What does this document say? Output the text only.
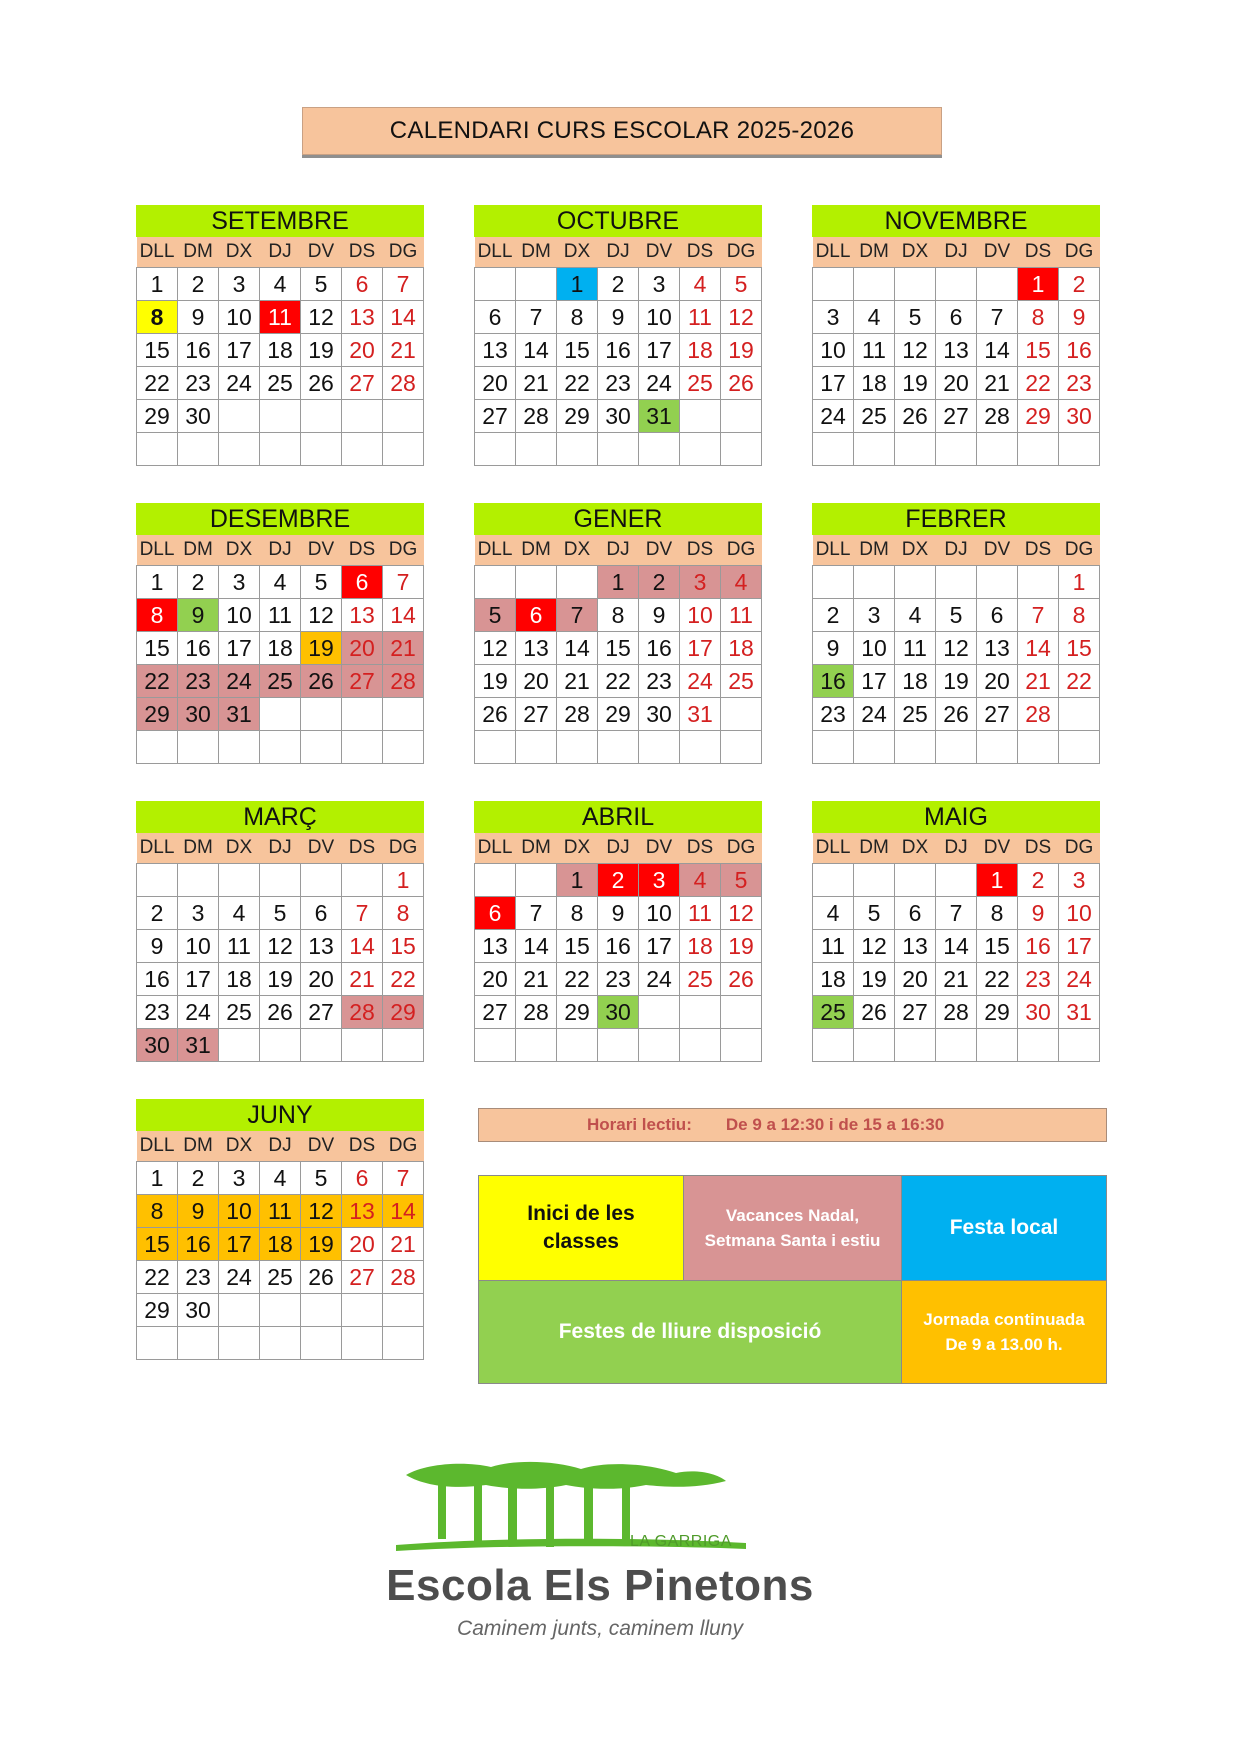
CALENDARI CURS ESCOLAR 2025-2026
SETEMBRE
DLL	DM	DX	DJ	DV	DS	DG
1	2	3	4	5	6	7
8	9	10	11	12	13	14
15	16	17	18	19	20	21
22	23	24	25	26	27	28
29	30					

OCTUBRE
DLL	DM	DX	DJ	DV	DS	DG
		1	2	3	4	5
6	7	8	9	10	11	12
13	14	15	16	17	18	19
20	21	22	23	24	25	26
27	28	29	30	31		

NOVEMBRE
DLL	DM	DX	DJ	DV	DS	DG
					1	2
3	4	5	6	7	8	9
10	11	12	13	14	15	16
17	18	19	20	21	22	23
24	25	26	27	28	29	30

DESEMBRE
DLL	DM	DX	DJ	DV	DS	DG
1	2	3	4	5	6	7
8	9	10	11	12	13	14
15	16	17	18	19	20	21
22	23	24	25	26	27	28
29	30	31				

GENER
DLL	DM	DX	DJ	DV	DS	DG
			1	2	3	4
5	6	7	8	9	10	11
12	13	14	15	16	17	18
19	20	21	22	23	24	25
26	27	28	29	30	31	

FEBRER
DLL	DM	DX	DJ	DV	DS	DG
						1
2	3	4	5	6	7	8
9	10	11	12	13	14	15
16	17	18	19	20	21	22
23	24	25	26	27	28	

MARÇ
DLL	DM	DX	DJ	DV	DS	DG
						1
2	3	4	5	6	7	8
9	10	11	12	13	14	15
16	17	18	19	20	21	22
23	24	25	26	27	28	29
30	31					
ABRIL
DLL	DM	DX	DJ	DV	DS	DG
		1	2	3	4	5
6	7	8	9	10	11	12
13	14	15	16	17	18	19
20	21	22	23	24	25	26
27	28	29	30			

MAIG
DLL	DM	DX	DJ	DV	DS	DG
				1	2	3
4	5	6	7	8	9	10
11	12	13	14	15	16	17
18	19	20	21	22	23	24
25	26	27	28	29	30	31

JUNY
DLL	DM	DX	DJ	DV	DS	DG
1	2	3	4	5	6	7
8	9	10	11	12	13	14
15	16	17	18	19	20	21
22	23	24	25	26	27	28
29	30					

Horari lectiu: De 9 a 12:30 i de 15 a 16:30
Inici de les
classes
Vacances Nadal,
Setmana Santa i estiu
Festa local
Festes de lliure disposició
Jornada continuada
De 9 a 13.00 h.
LA GARRIGA
Escola Els Pinetons
Caminem junts, caminem lluny
